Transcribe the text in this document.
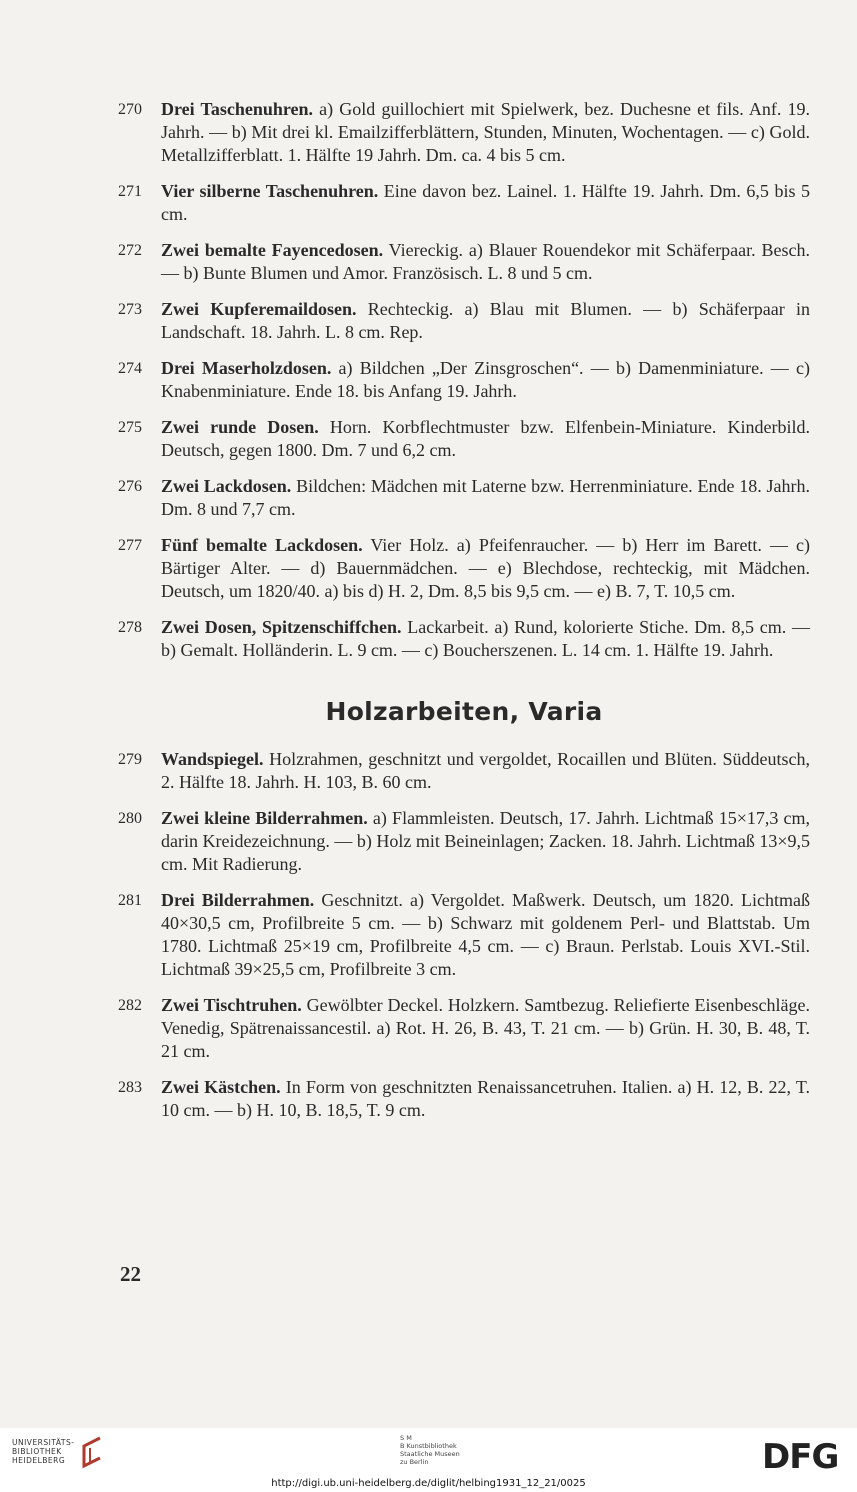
270 Drei Taschenuhren. a) Gold guillochiert mit Spielwerk, bez. Duchesne et fils. Anf. 19. Jahrh. — b) Mit drei kl. Emailzifferblättern, Stunden, Minuten, Wochentagen. — c) Gold. Metallzifferblatt. 1. Hälfte 19 Jahrh. Dm. ca. 4 bis 5 cm.
271 Vier silberne Taschenuhren. Eine davon bez. Lainel. 1. Hälfte 19. Jahrh. Dm. 6,5 bis 5 cm.
272 Zwei bemalte Fayencedosen. Viereckig. a) Blauer Rouendekor mit Schäferpaar. Besch. — b) Bunte Blumen und Amor. Französisch. L. 8 und 5 cm.
273 Zwei Kupferemaildosen. Rechteckig. a) Blau mit Blumen. — b) Schäferpaar in Landschaft. 18. Jahrh. L. 8 cm. Rep.
274 Drei Maserholzdosen. a) Bildchen „Der Zinsgroschen“. — b) Damenminiature. — c) Knabenminiature. Ende 18. bis Anfang 19. Jahrh.
275 Zwei runde Dosen. Horn. Korbflechtmuster bzw. Elfenbein-Miniature. Kinderbild. Deutsch, gegen 1800. Dm. 7 und 6,2 cm.
276 Zwei Lackdosen. Bildchen: Mädchen mit Laterne bzw. Herrenminiature. Ende 18. Jahrh. Dm. 8 und 7,7 cm.
277 Fünf bemalte Lackdosen. Vier Holz. a) Pfeifenraucher. — b) Herr im Barett. — c) Bärtiger Alter. — d) Bauernmädchen. — e) Blechdose, rechteckig, mit Mädchen. Deutsch, um 1820/40. a) bis d) H. 2, Dm. 8,5 bis 9,5 cm. — e) B. 7, T. 10,5 cm.
278 Zwei Dosen, Spitzenschiffchen. Lackarbeit. a) Rund, kolorierte Stiche. Dm. 8,5 cm. — b) Gemalt. Holländerin. L. 9 cm. — c) Boucherszenen. L. 14 cm. 1. Hälfte 19. Jahrh.
Holzarbeiten, Varia
279 Wandspiegel. Holzrahmen, geschnitzt und vergoldet, Rocaillen und Blüten. Süddeutsch, 2. Hälfte 18. Jahrh. H. 103, B. 60 cm.
280 Zwei kleine Bilderrahmen. a) Flammleisten. Deutsch, 17. Jahrh. Lichtmaß 15×17,3 cm, darin Kreidezeichnung. — b) Holz mit Beineinlagen; Zacken. 18. Jahrh. Lichtmaß 13×9,5 cm. Mit Radierung.
281 Drei Bilderrahmen. Geschnitzt. a) Vergoldet. Maßwerk. Deutsch, um 1820. Lichtmaß 40×30,5 cm, Profilbreite 5 cm. — b) Schwarz mit goldenem Perl- und Blattstab. Um 1780. Lichtmaß 25×19 cm, Profilbreite 4,5 cm. — c) Braun. Perlstab. Louis XVI.-Stil. Lichtmaß 39×25,5 cm, Profilbreite 3 cm.
282 Zwei Tischtruhen. Gewölbter Deckel. Holzkern. Samtbezug. Reliefierte Eisenbeschläge. Venedig, Spätrenaissancestil. a) Rot. H. 26, B. 43, T. 21 cm. — b) Grün. H. 30, B. 48, T. 21 cm.
283 Zwei Kästchen. In Form von geschnitzten Renaissancetruhen. Italien. a) H. 12, B. 22, T. 10 cm. — b) H. 10, B. 18,5, T. 9 cm.
22
UNIVERSITÄTS-
BIBLIOTHEK
HEIDELBERG
S M
B Kunstbibliothek
Staatliche Museen
zu Berlin	DFG
http://digi.ub.uni-heidelberg.de/diglit/helbing1931_12_21/0025
